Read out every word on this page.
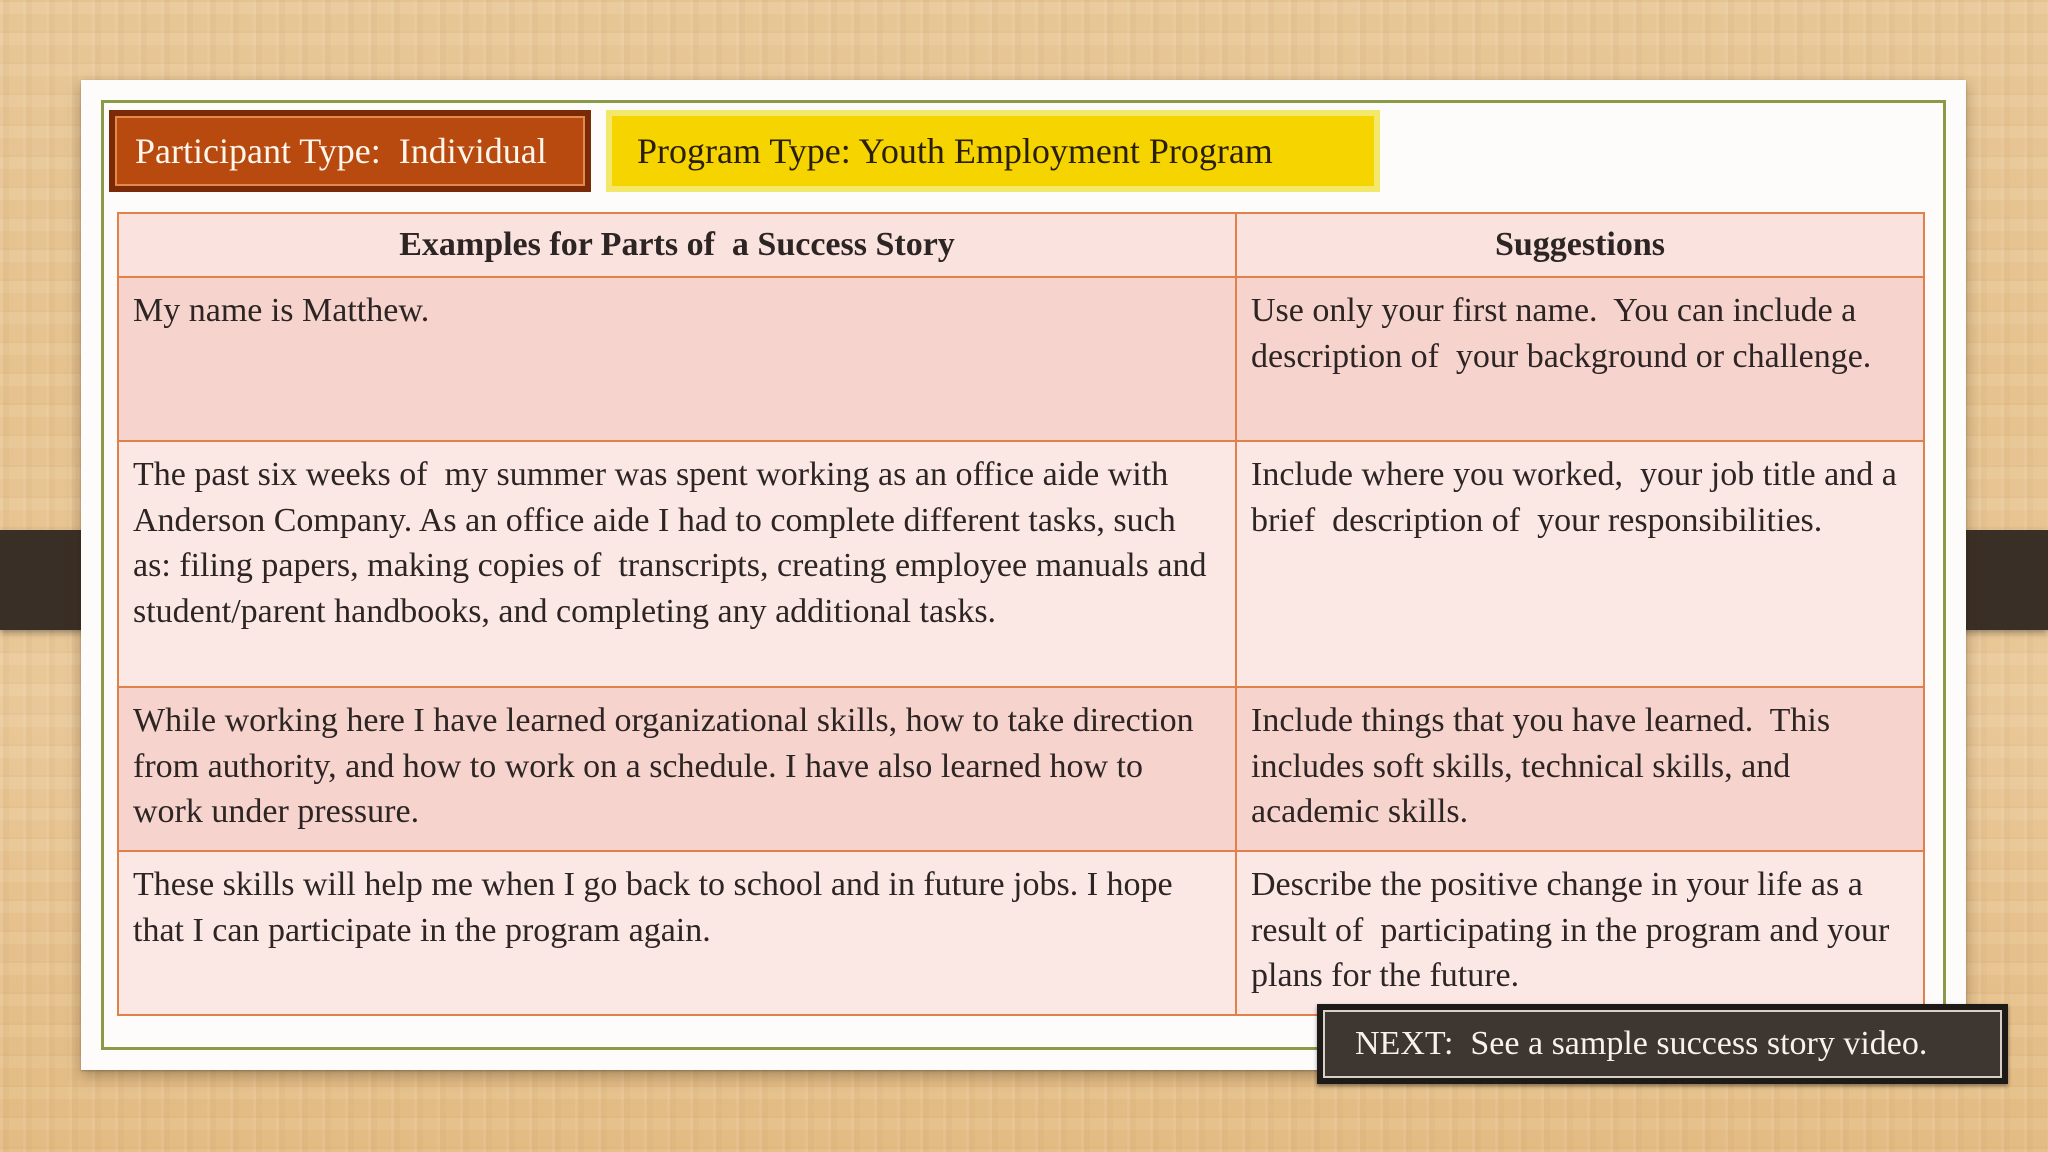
Participant Type:  Individual	Program Type: Youth Employment Program
Examples for Parts of  a Success Story	Suggestions
My name is Matthew.	Use only your first name.  You can include a description of  your background or challenge.
The past six weeks of  my summer was spent working as an office aide with Anderson Company. As an office aide I had to complete different tasks, such as: filing papers, making copies of  transcripts, creating employee manuals and student/parent handbooks, and completing any additional tasks.	Include where you worked,  your job title and a brief  description of  your responsibilities.
While working here I have learned organizational skills, how to take direction from authority, and how to work on a schedule. I have also learned how to work under pressure.	Include things that you have learned.  This includes soft skills, technical skills, and academic skills.
These skills will help me when I go back to school and in future jobs. I hope that I can participate in the program again.	Describe the positive change in your life as a result of  participating in the program and your plans for the future.
NEXT:  See a sample success story video.
